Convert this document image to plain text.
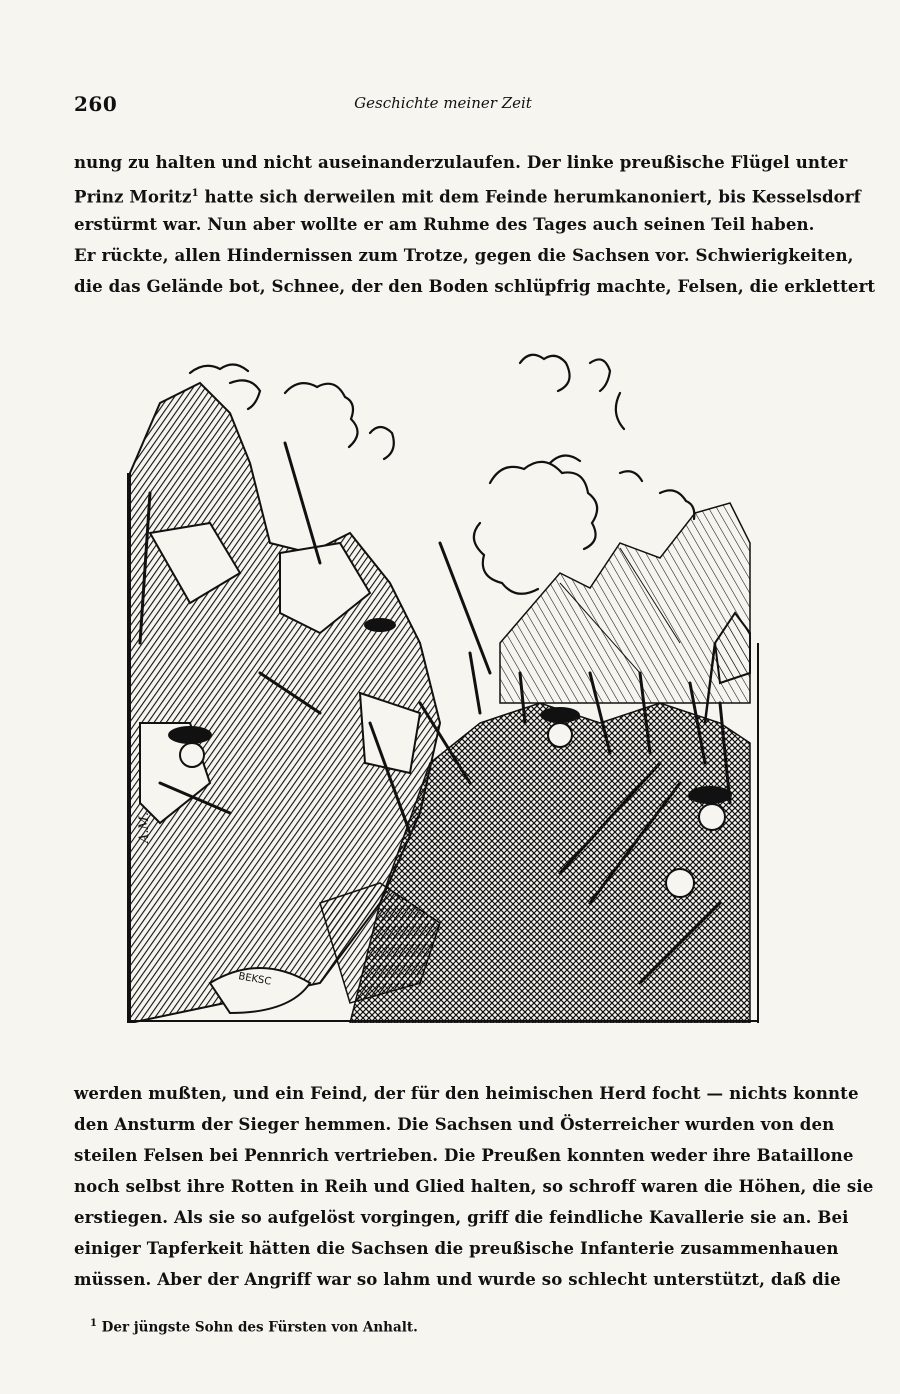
260	Geschichte meiner Zeit
nung zu halten und nicht auseinanderzulaufen. Der linke preußische Flügel unter
Prinz Moritz$^1$ hatte sich derweilen mit dem Feinde herumkanoniert, bis Kesselsdorf
erstürmt war. Nun aber wollte er am Ruhme des Tages auch seinen Teil haben.
Er rückte, allen Hindernissen zum Trotze, gegen die Sachsen vor. Schwierigkeiten,
die das Gelände bot, Schnee, der den Boden schlüpfrig machte, Felsen, die erklettert
A.M.
BEKSC
werden mußten, und ein Feind, der für den heimischen Herd focht — nichts konnte
den Ansturm der Sieger hemmen. Die Sachsen und Österreicher wurden von den
steilen Felsen bei Pennrich vertrieben. Die Preußen konnten weder ihre Bataillone
noch selbst ihre Rotten in Reih und Glied halten, so schroff waren die Höhen, die sie
erstiegen. Als sie so aufgelöst vorgingen, griff die feindliche Kavallerie sie an. Bei
einiger Tapferkeit hätten die Sachsen die preußische Infanterie zusammenhauen
müssen. Aber der Angriff war so lahm und wurde so schlecht unterstützt, daß die
$^1$ Der jüngste Sohn des Fürsten von Anhalt.
